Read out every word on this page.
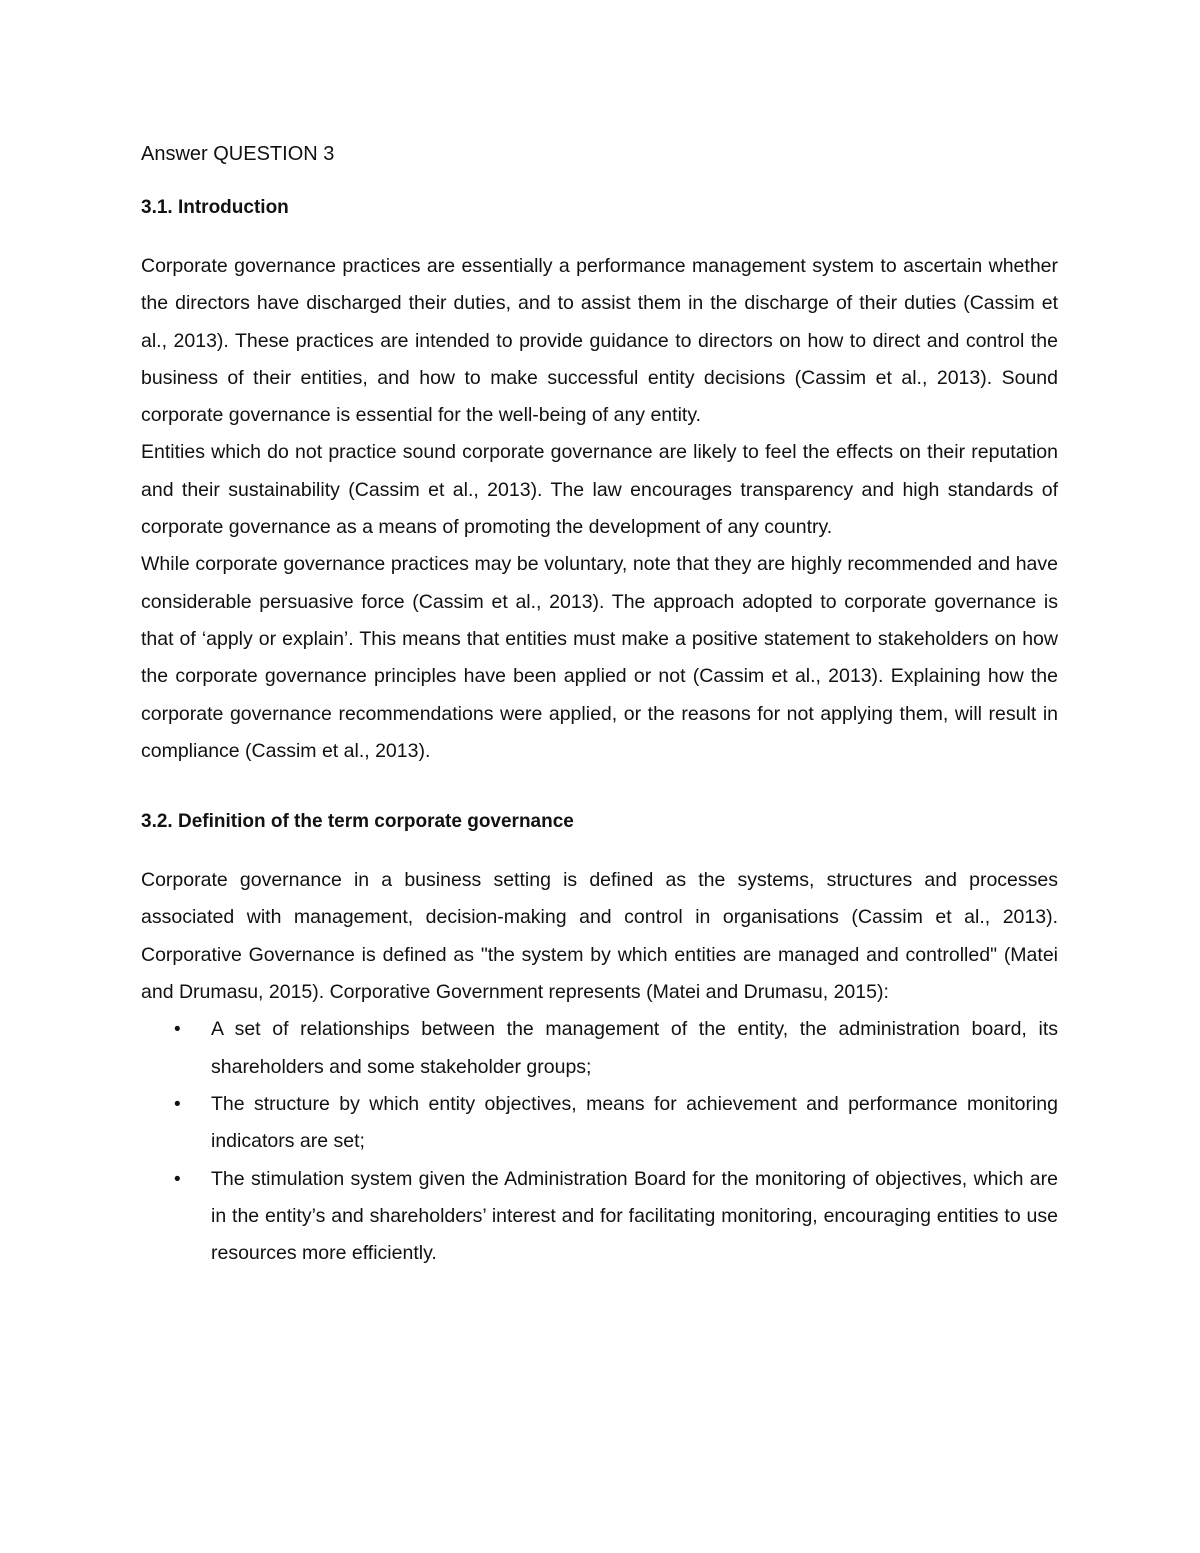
Answer QUESTION 3
3.1. Introduction

Corporate governance practices are essentially a performance management system to ascertain whether the directors have discharged their duties, and to assist them in the discharge of their duties (Cassim et al., 2013). These practices are intended to provide guidance to directors on how to direct and control the business of their entities, and how to make successful entity decisions (Cassim et al., 2013). Sound corporate governance is essential for the well-being of any entity.

Entities which do not practice sound corporate governance are likely to feel the effects on their reputation and their sustainability (Cassim et al., 2013). The law encourages transparency and high standards of corporate governance as a means of promoting the development of any country.

While corporate governance practices may be voluntary, note that they are highly recommended and have considerable persuasive force (Cassim et al., 2013). The approach adopted to corporate governance is that of ‘apply or explain’. This means that entities must make a positive statement to stakeholders on how the corporate governance principles have been applied or not (Cassim et al., 2013). Explaining how the corporate governance recommendations were applied, or the reasons for not applying them, will result in compliance (Cassim et al., 2013).

3.2. Definition of the term corporate governance

Corporate governance in a business setting is defined as the systems, structures and processes associated with management, decision-making and control in organisations (Cassim et al., 2013). Corporative Governance is defined as "the system by which entities are managed and controlled" (Matei and Drumasu, 2015). Corporative Government represents (Matei and Drumasu, 2015):

• A set of relationships between the management of the entity, the administration board, its shareholders and some stakeholder groups;
• The structure by which entity objectives, means for achievement and performance monitoring indicators are set;
• The stimulation system given the Administration Board for the monitoring of objectives, which are in the entity’s and shareholders’ interest and for facilitating monitoring, encouraging entities to use resources more efficiently.
